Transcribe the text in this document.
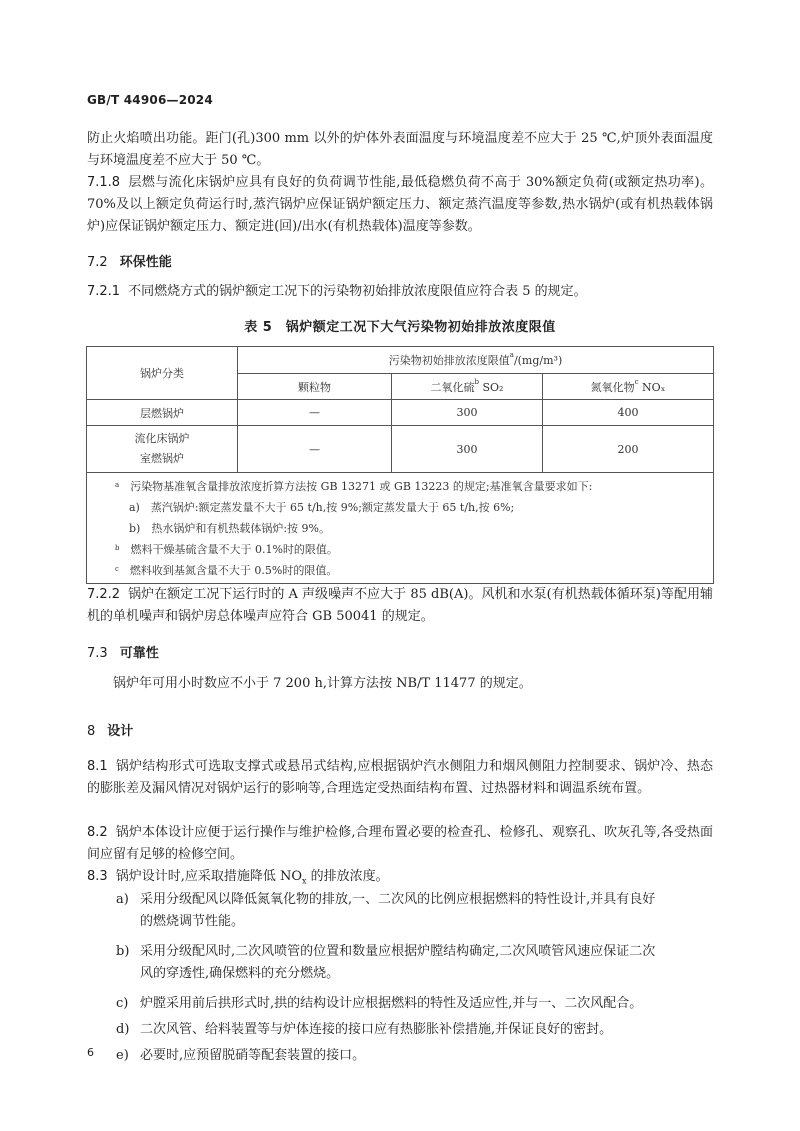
GB/T 44906—2024
防止火焰喷出功能。距门(孔)300 mm 以外的炉体外表面温度与环境温度差不应大于 25 ℃,炉顶外表面温度与环境温度差不应大于 50 ℃。
7.1.8 层燃与流化床锅炉应具有良好的负荷调节性能,最低稳燃负荷不高于 30%额定负荷(或额定热功率)。70%及以上额定负荷运行时,蒸汽锅炉应保证锅炉额定压力、额定蒸汽温度等参数,热水锅炉(或有机热载体锅炉)应保证锅炉额定压力、额定进(回)/出水(有机热载体)温度等参数。
7.2 环保性能
7.2.1 不同燃烧方式的锅炉额定工况下的污染物初始排放浓度限值应符合表 5 的规定。
表 5　锅炉额定工况下大气污染物初始排放浓度限值
锅炉分类	污染物初始排放浓度限值$^a$/(mg/m³)		
	颗粒物	二氧化硫$^b$ SO₂	氮氧化物$^c$ NOₓ
层燃锅炉	—	300	400
流化床锅炉
室燃锅炉	—	300	200

$^a$　 污染物基准氧含量排放浓度折算方法按 GB 13271 或 GB 13223 的规定;基准氧含量要求如下:
a)　蒸汽锅炉:额定蒸发量不大于 65 t/h,按 9%;额定蒸发量大于 65 t/h,按 6%;
b)　热水锅炉和有机热载体锅炉:按 9%。
$^b$　 燃料干燥基硫含量不大于 0.1%时的限值。
$^c$　 燃料收到基氮含量不大于 0.5%时的限值。			
7.2.2 锅炉在额定工况下运行时的 A 声级噪声不应大于 85 dB(A)。风机和水泵(有机热载体循环泵)等配用辅机的单机噪声和锅炉房总体噪声应符合 GB 50041 的规定。
7.3 可靠性
锅炉年可用小时数应不小于 7 200 h,计算方法按 NB/T 11477 的规定。
8 设计
8.1 锅炉结构形式可选取支撑式或悬吊式结构,应根据锅炉汽水侧阻力和烟风侧阻力控制要求、锅炉冷、热态的膨胀差及漏风情况对锅炉运行的影响等,合理选定受热面结构布置、过热器材料和调温系统布置。
8.2 锅炉本体设计应便于运行操作与维护检修,合理布置必要的检查孔、检修孔、观察孔、吹灰孔等,各受热面间应留有足够的检修空间。
8.3 锅炉设计时,应采取措施降低 $NO_x$ 的排放浓度。
a) 采用分级配风以降低氮氧化物的排放,一、二次风的比例应根据燃料的特性设计,并具有良好
的燃烧调节性能。
b) 采用分级配风时,二次风喷管的位置和数量应根据炉膛结构确定,二次风喷管风速应保证二次
风的穿透性,确保燃料的充分燃烧。
c) 炉膛采用前后拱形式时,拱的结构设计应根据燃料的特性及适应性,并与一、二次风配合。
d) 二次风管、给料装置等与炉体连接的接口应有热膨胀补偿措施,并保证良好的密封。
e) 必要时,应预留脱硝等配套装置的接口。
6
